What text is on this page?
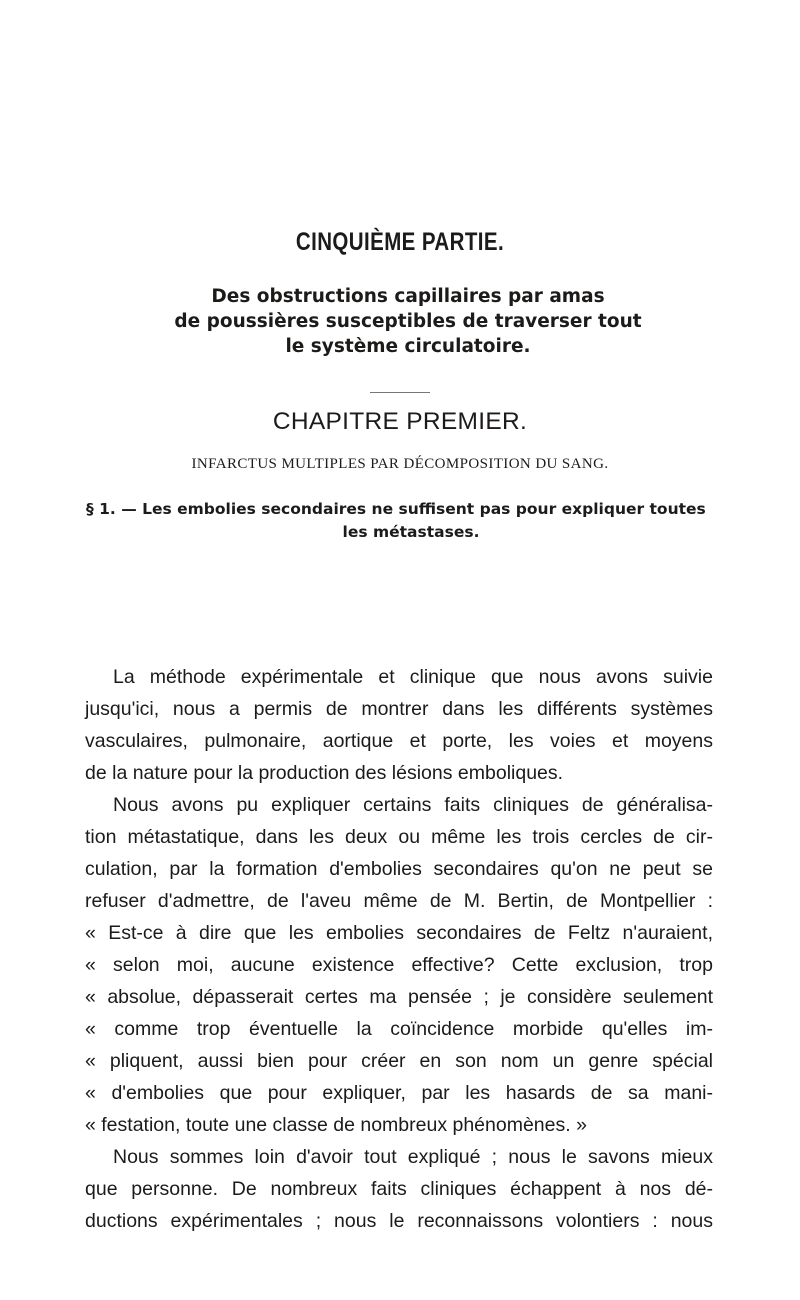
CINQUIÈME PARTIE.
Des obstructions capillaires par amas
de poussières susceptibles de traverser tout
le système circulatoire.
CHAPITRE PREMIER.
INFARCTUS MULTIPLES PAR DÉCOMPOSITION DU SANG.
§ 1. — Les embolies secondaires ne suffisent pas pour expliquer toutes
les métastases.
La méthode expérimentale et clinique que nous avons suivie
jusqu'ici, nous a permis de montrer dans les différents systèmes
vasculaires, pulmonaire, aortique et porte, les voies et moyens
de la nature pour la production des lésions emboliques.
Nous avons pu expliquer certains faits cliniques de généralisa-
tion métastatique, dans les deux ou même les trois cercles de cir-
culation, par la formation d'embolies secondaires qu'on ne peut se
refuser d'admettre, de l'aveu même de M. Bertin, de Montpellier :
« Est-ce à dire que les embolies secondaires de Feltz n'auraient,
« selon moi, aucune existence effective? Cette exclusion, trop
« absolue, dépasserait certes ma pensée ; je considère seulement
« comme trop éventuelle la coïncidence morbide qu'elles im-
« pliquent, aussi bien pour créer en son nom un genre spécial
« d'embolies que pour expliquer, par les hasards de sa mani-
« festation, toute une classe de nombreux phénomènes. »
Nous sommes loin d'avoir tout expliqué ; nous le savons mieux
que personne. De nombreux faits cliniques échappent à nos dé-
ductions expérimentales ; nous le reconnaissons volontiers : nous
